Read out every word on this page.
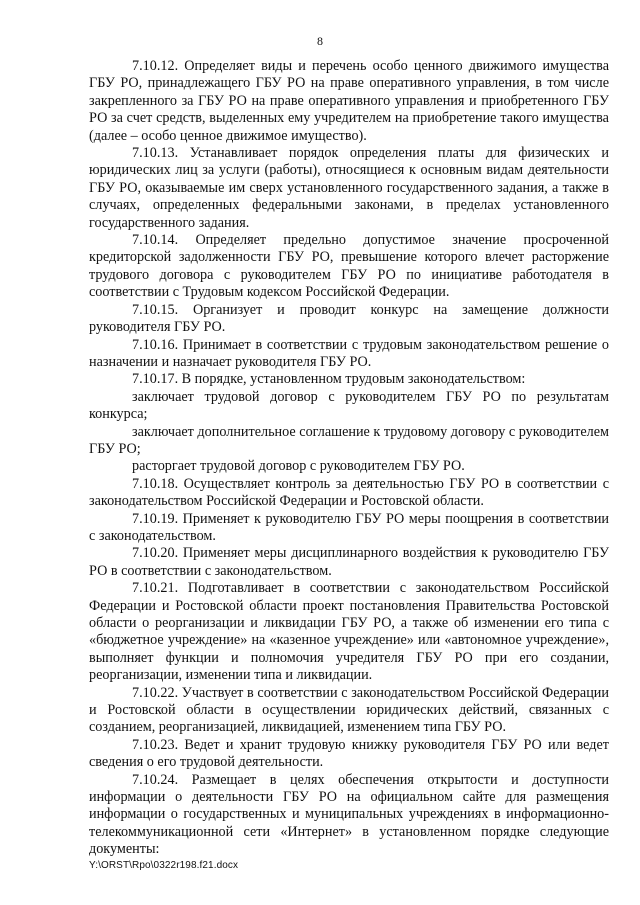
8

7.10.12. Определяет виды и перечень особо ценного движимого имущества ГБУ РО, принадлежащего ГБУ РО на праве оперативного управления, в том числе закрепленного за ГБУ РО на праве оперативного управления и приобретенного ГБУ РО за счет средств, выделенных ему учредителем на приобретение такого имущества (далее – особо ценное движимое имущество).

7.10.13. Устанавливает порядок определения платы для физических и юридических лиц за услуги (работы), относящиеся к основным видам деятельности ГБУ РО, оказываемые им сверх установленного государственного задания, а также в случаях, определенных федеральными законами, в пределах установленного государственного задания.

7.10.14. Определяет предельно допустимое значение просроченной кредиторской задолженности ГБУ РО, превышение которого влечет расторжение трудового договора с руководителем ГБУ РО по инициативе работодателя в соответствии с Трудовым кодексом Российской Федерации.

7.10.15. Организует и проводит конкурс на замещение должности руководителя ГБУ РО.

7.10.16. Принимает в соответствии с трудовым законодательством решение о назначении и назначает руководителя ГБУ РО.

7.10.17. В порядке, установленном трудовым законодательством:

заключает трудовой договор с руководителем ГБУ РО по результатам конкурса;

заключает дополнительное соглашение к трудовому договору с руководителем ГБУ РО;

расторгает трудовой договор с руководителем ГБУ РО.

7.10.18. Осуществляет контроль за деятельностью ГБУ РО в соответствии с законодательством Российской Федерации и Ростовской области.

7.10.19. Применяет к руководителю ГБУ РО меры поощрения в соответствии с законодательством.

7.10.20. Применяет меры дисциплинарного воздействия к руководителю ГБУ РО в соответствии с законодательством.

7.10.21. Подготавливает в соответствии с законодательством Российской Федерации и Ростовской области проект постановления Правительства Ростовской области о реорганизации и ликвидации ГБУ РО, а также об изменении его типа с «бюджетное учреждение» на «казенное учреждение» или «автономное учреждение», выполняет функции и полномочия учредителя ГБУ РО при его создании, реорганизации, изменении типа и ликвидации.

7.10.22. Участвует в соответствии с законодательством Российской Федерации и Ростовской области в осуществлении юридических действий, связанных с созданием, реорганизацией, ликвидацией, изменением типа ГБУ РО.

7.10.23. Ведет и хранит трудовую книжку руководителя ГБУ РО или ведет сведения о его трудовой деятельности.

7.10.24. Размещает в целях обеспечения открытости и доступности информации о деятельности ГБУ РО на официальном сайте для размещения информации о государственных и муниципальных учреждениях в информационно-телекоммуникационной сети «Интернет» в установленном порядке следующие документы:

Y:\ORST\Rpo\0322r198.f21.docx
